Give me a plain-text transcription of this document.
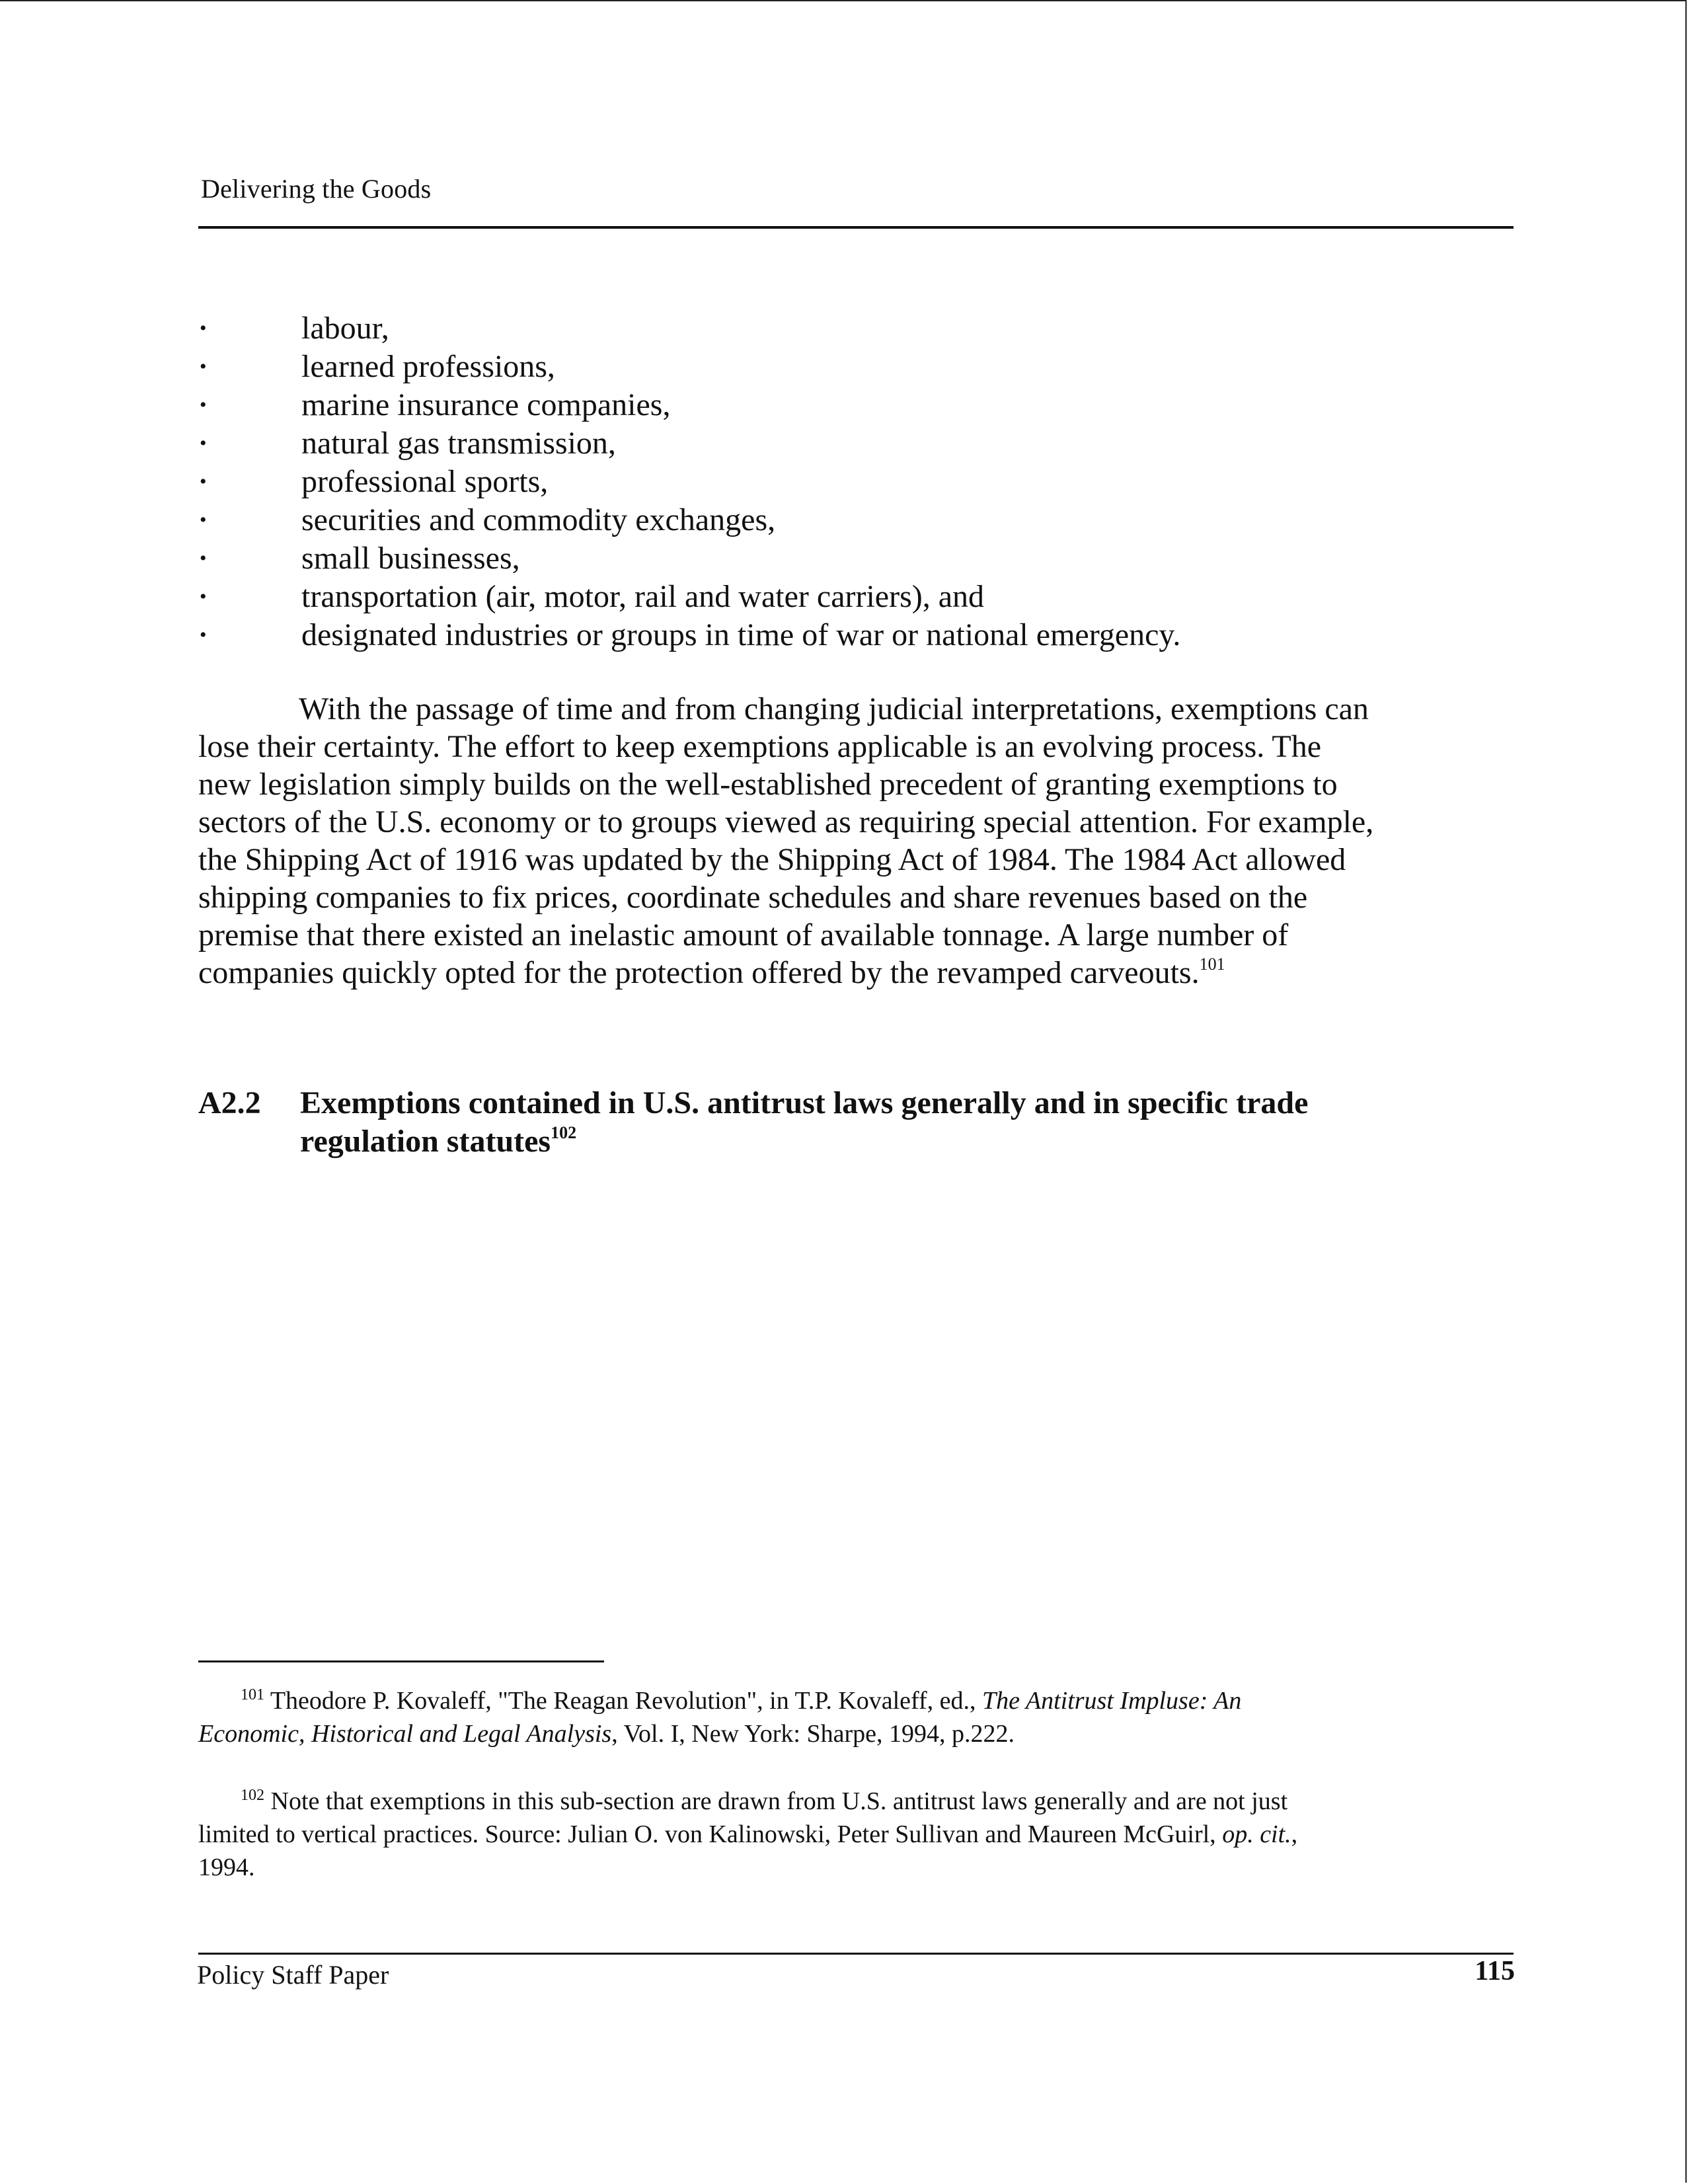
Delivering the Goods
•	labour,
•	learned professions,
•	marine insurance companies,
•	natural gas transmission,
•	professional sports,
•	securities and commodity exchanges,
•	small businesses,
•	transportation (air, motor, rail and water carriers), and
•	designated industries or groups in time of war or national emergency.

With the passage of time and from changing judicial interpretations, exemptions can
lose their certainty. The effort to keep exemptions applicable is an evolving process. The
new legislation simply builds on the well-established precedent of granting exemptions to
sectors of the U.S. economy or to groups viewed as requiring special attention. For example,
the Shipping Act of 1916 was updated by the Shipping Act of 1984. The 1984 Act allowed
shipping companies to fix prices, coordinate schedules and share revenues based on the
premise that there existed an inelastic amount of available tonnage. A large number of
companies quickly opted for the protection offered by the revamped carveouts.$^{101}$

A2.2 Exemptions contained in U.S. antitrust laws generally and in specific trade
regulation statutes$^{102}$
$^{101}$ Theodore P. Kovaleff, "The Reagan Revolution", in T.P. Kovaleff, ed., The Antitrust Impluse: An
Economic, Historical and Legal Analysis, Vol. I, New York: Sharpe, 1994, p.222.
$^{102}$ Note that exemptions in this sub-section are drawn from U.S. antitrust laws generally and are not just
limited to vertical practices. Source: Julian O. von Kalinowski, Peter Sullivan and Maureen McGuirl, op. cit.,
1994.
Policy Staff Paper	115
